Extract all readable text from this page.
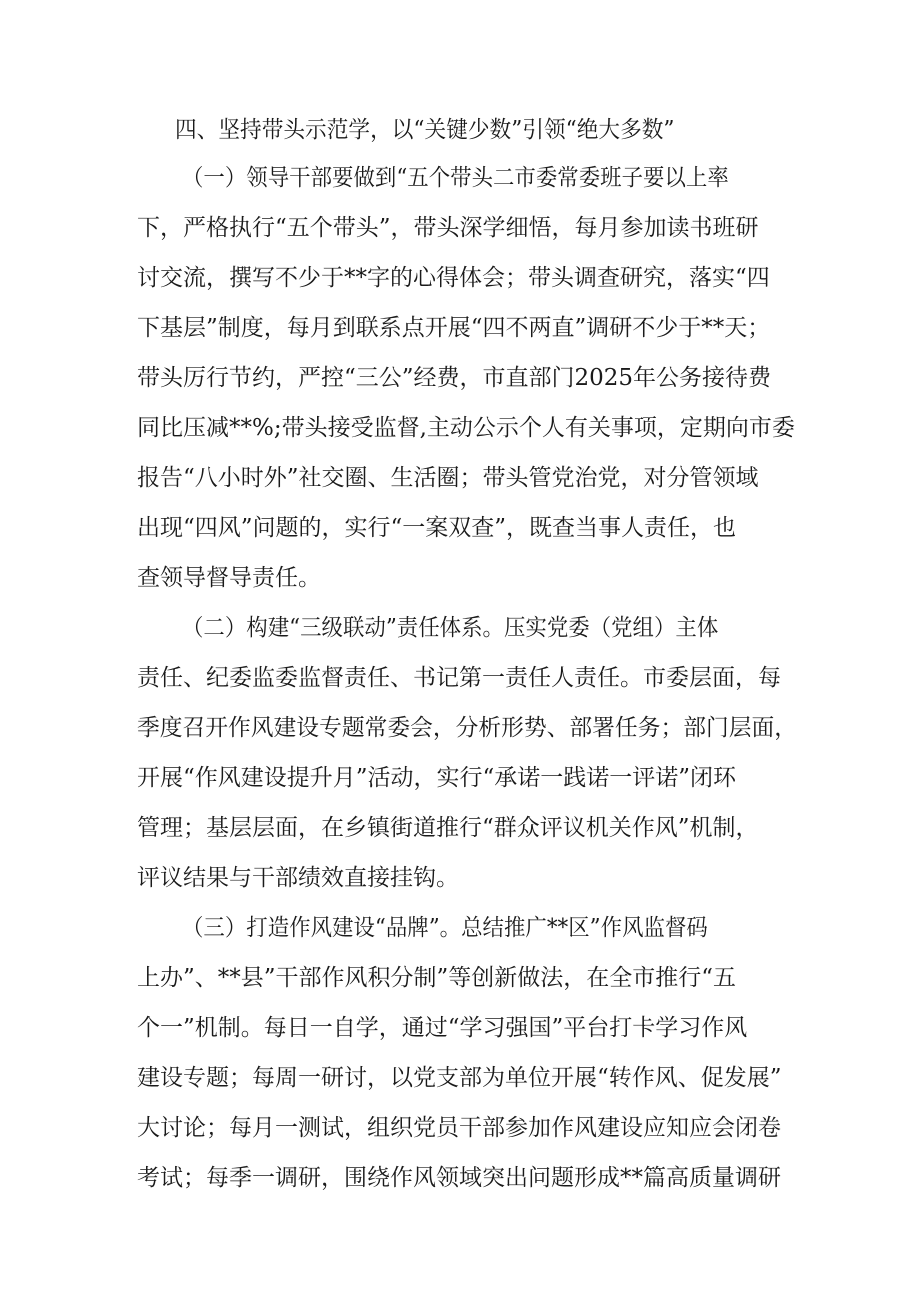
四、坚持带头示范学，以“关键少数”引领“绝大多数”
（一）领导干部要做到“五个带头二市委常委班子要以上率
下，严格执行“五个带头”，带头深学细悟，每月参加读书班研
讨交流，撰写不少于**字的心得体会；带头调查研究，落实“四
下基层”制度，每月到联系点开展“四不两直”调研不少于**天；
带头厉行节约，严控“三公”经费，市直部门2025年公务接待费
同比压减**%;带头接受监督,主动公示个人有关事项，定期向市委
报告“八小时外”社交圈、生活圈；带头管党治党，对分管领域
出现“四风”问题的，实行“一案双查”，既查当事人责任，也
查领导督导责任。
（二）构建“三级联动”责任体系。压实党委（党组）主体
责任、纪委监委监督责任、书记第一责任人责任。市委层面，每
季度召开作风建设专题常委会，分析形势、部署任务；部门层面，
开展“作风建设提升月”活动，实行“承诺一践诺一评诺”闭环
管理；基层层面，在乡镇街道推行“群众评议机关作风”机制，
评议结果与干部绩效直接挂钩。
（三）打造作风建设“品牌”。总结推广**区”作风监督码
上办”、**县”干部作风积分制”等创新做法，在全市推行“五
个一”机制。每日一自学，通过“学习强国”平台打卡学习作风
建设专题；每周一研讨，以党支部为单位开展“转作风、促发展”
大讨论；每月一测试，组织党员干部参加作风建设应知应会闭卷
考试；每季一调研，围绕作风领域突出问题形成**篇高质量调研
